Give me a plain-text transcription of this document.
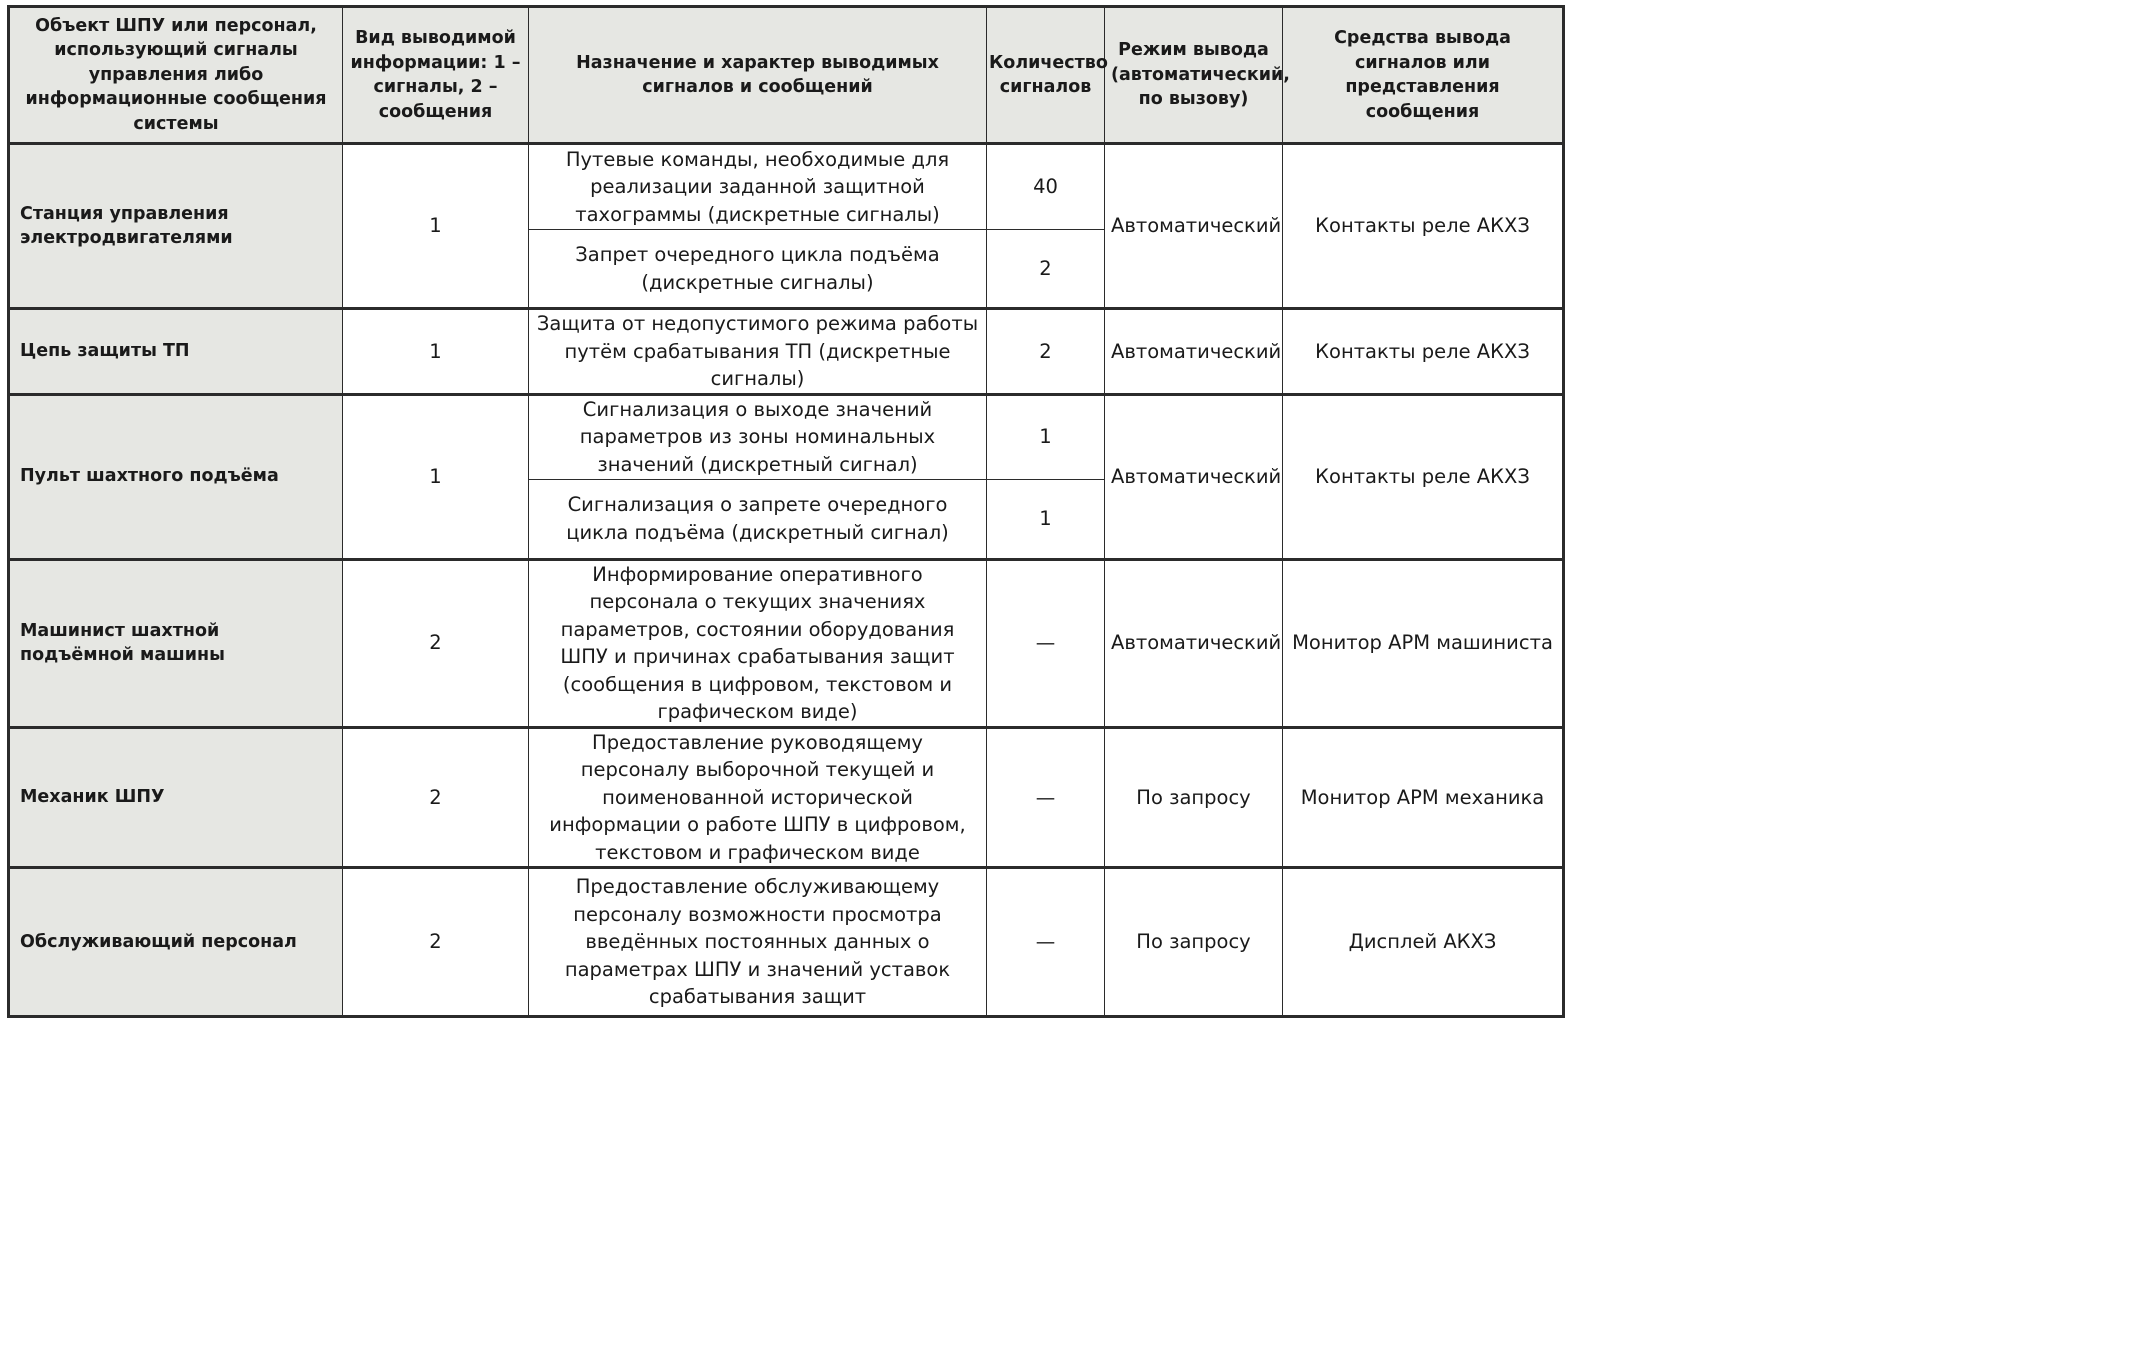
Объект ШПУ или персонал, использующий сигналы управления либо информационные сообщения системы	Вид выводимой информации: 1 – сигналы, 2 – сообщения	Назначение и характер выводимых сигналов и сообщений	Количество сигналов	Режим вывода (автоматический, по вызову)	Средства вывода сигналов или представления сообщения
Станция управления электродвигателями	1	Путевые команды, необходимые для реализации заданной защитной тахограммы (дискретные сигналы)	40	Автоматический	Контакты реле АКХЗ
		Запрет очередного цикла подъёма (дискретные сигналы)	2		
Цепь защиты ТП	1	Защита от недопустимого режима работы путём срабатывания ТП (дискретные сигналы)	2	Автоматический	Контакты реле АКХЗ
Пульт шахтного подъёма	1	Сигнализация о выходе значений параметров из зоны номинальных значений (дискретный сигнал)	1	Автоматический	Контакты реле АКХЗ
		Сигнализация о запрете очередного цикла подъёма (дискретный сигнал)	1		
Машинист шахтной подъёмной машины	2	Информирование оперативного персонала о текущих значениях параметров, состоянии оборудования ШПУ и причинах срабатывания защит (сообщения в цифровом, текстовом и графическом виде)	—	Автоматический	Монитор АРМ машиниста
Механик ШПУ	2	Предоставление руководящему персоналу выборочной текущей и поименованной исторической информации о работе ШПУ в цифровом, текстовом и графическом виде	—	По запросу	Монитор АРМ механика
Обслуживающий персонал	2	Предоставление обслуживающему персоналу возможности просмотра введённых постоянных данных о параметрах ШПУ и значений уставок срабатывания защит	—	По запросу	Дисплей АКХЗ
